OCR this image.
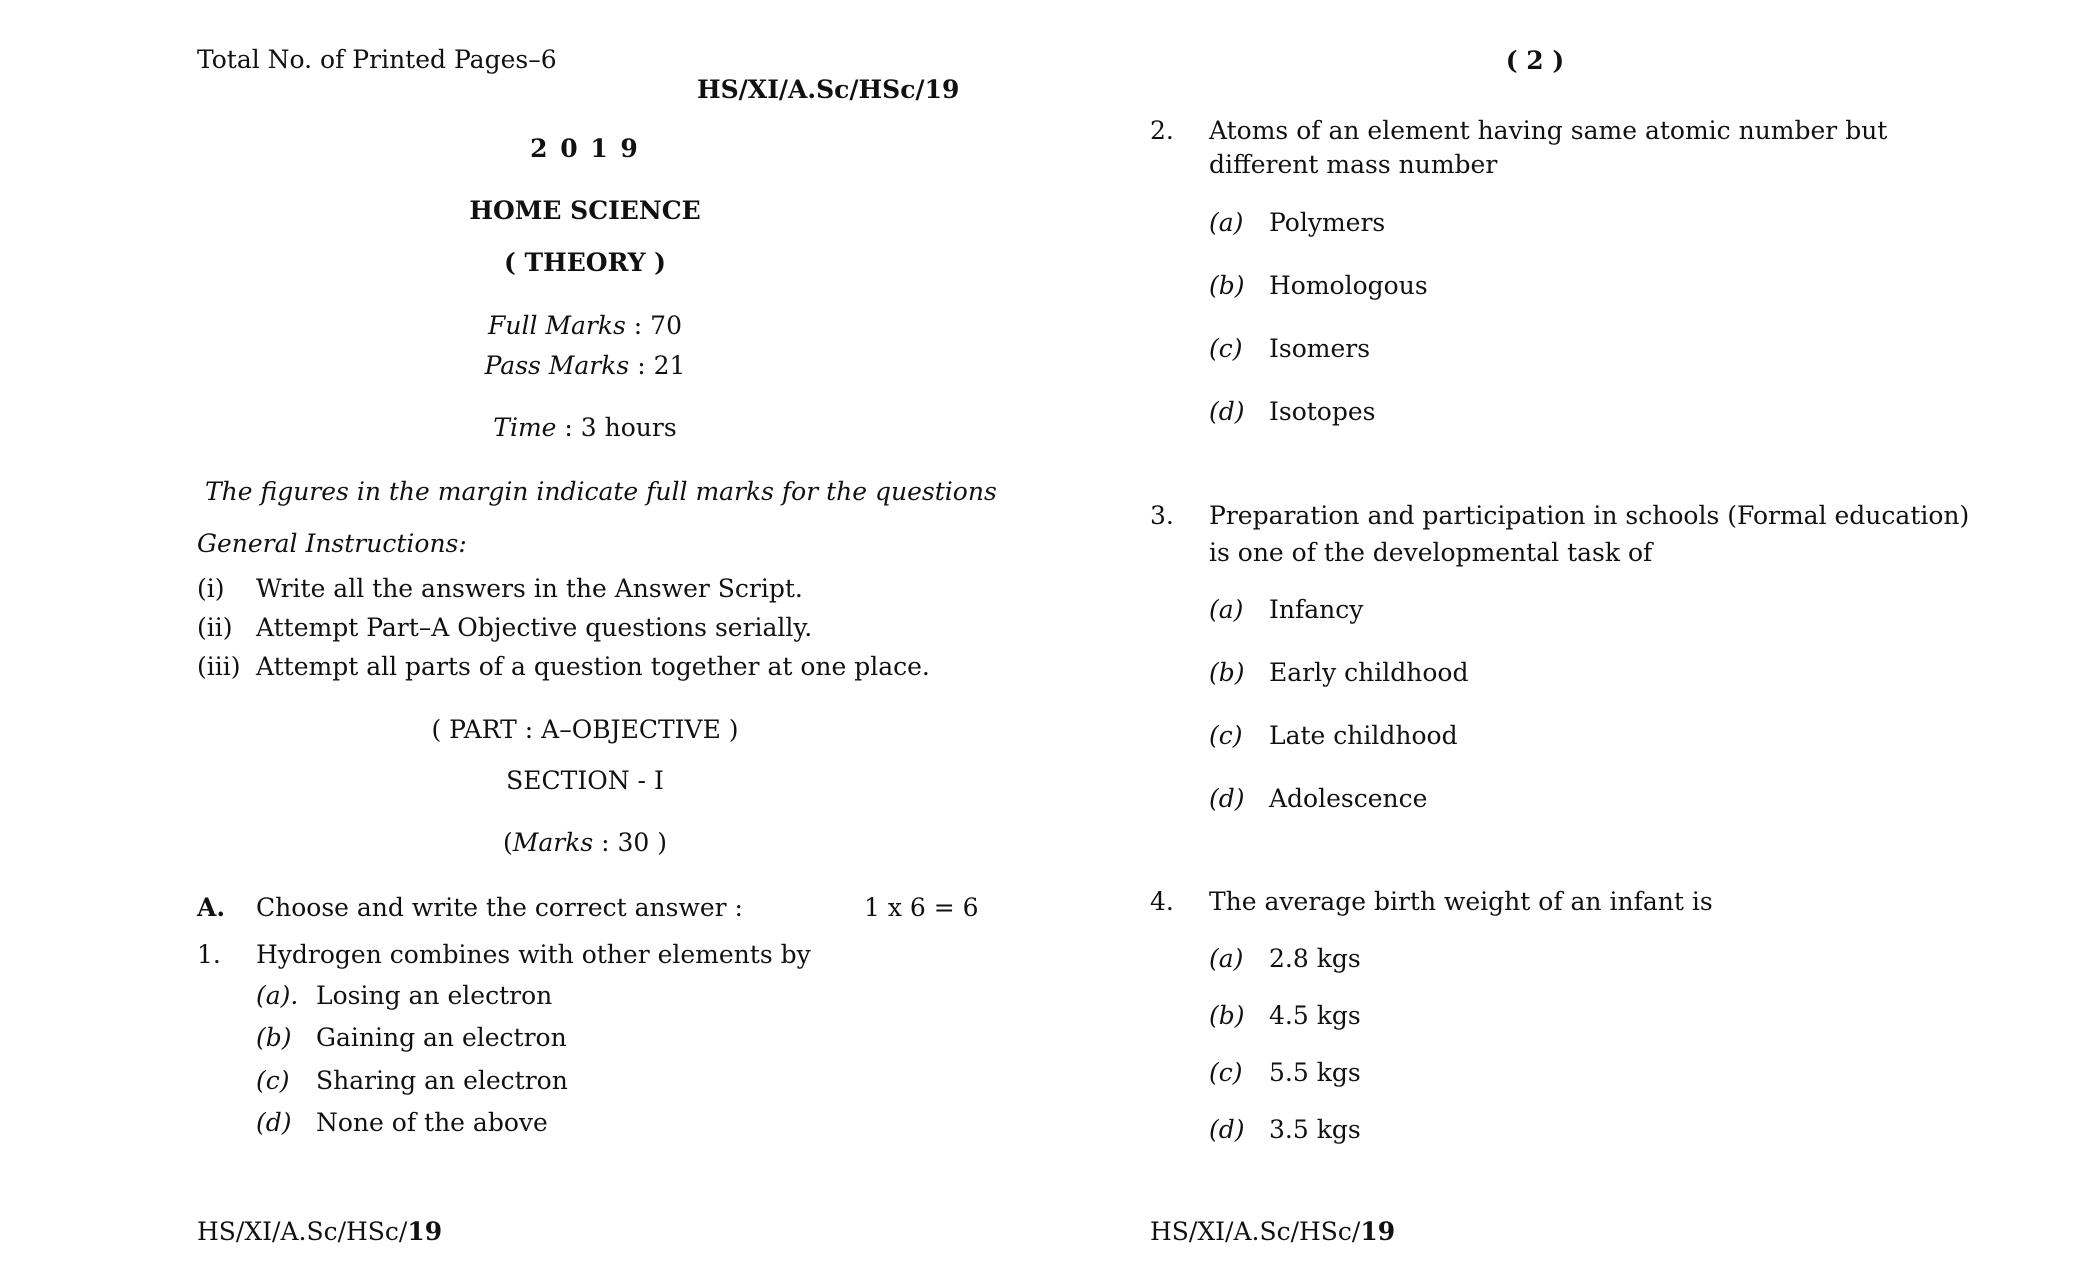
Total No. of Printed Pages–6
HS/XI/A.Sc/HSc/19
2 0 1 9
HOME SCIENCE
( THEORY )
Full Marks : 70
Pass Marks : 21
Time : 3 hours
The figures in the margin indicate full marks for the questions
General Instructions:
(i) Write all the answers in the Answer Script.
(ii) Attempt Part–A Objective questions serially.
(iii) Attempt all parts of a question together at one place.
( PART : A–OBJECTIVE )
SECTION - I
(Marks : 30 )
A. Choose and write the correct answer :	1 x 6 = 6
1. Hydrogen combines with other elements by
(a). Losing an electron
(b) Gaining an electron
(c) Sharing an electron
(d) None of the above
HS/XI/A.Sc/HSc/19
( 2 )
2. Atoms of an element having same atomic number but
different mass number
(a) Polymers
(b) Homologous
(c) Isomers
(d) Isotopes
3. Preparation and participation in schools (Formal education)
is one of the developmental task of
(a) Infancy
(b) Early childhood
(c) Late childhood
(d) Adolescence
4. The average birth weight of an infant is
(a) 2.8 kgs
(b) 4.5 kgs
(c) 5.5 kgs
(d) 3.5 kgs
HS/XI/A.Sc/HSc/19
